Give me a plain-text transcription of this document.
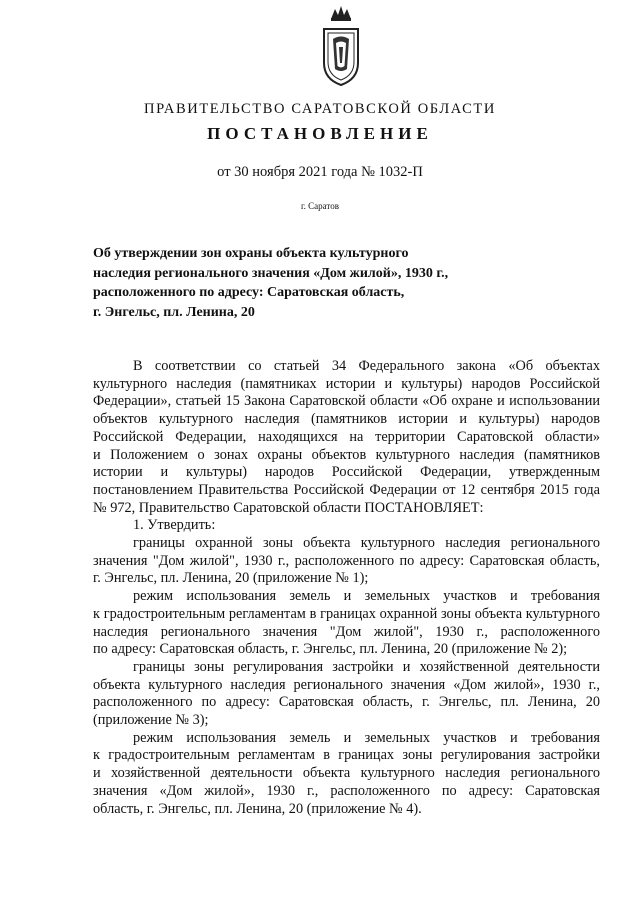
ПРАВИТЕЛЬСТВО САРАТОВСКОЙ ОБЛАСТИ
ПОСТАНОВЛЕНИЕ
от 30 ноября 2021 года № 1032-П
г. Саратов
Об утверждении зон охраны объекта культурного
наследия регионального значения «Дом жилой», 1930 г.,
расположенного по адресу: Саратовская область,
г. Энгельс, пл. Ленина, 20
В соответствии со статьей 34 Федерального закона «Об объектах
культурного наследия (памятниках истории и культуры) народов Российской
Федерации», статьей 15 Закона Саратовской области «Об охране и использовании
объектов культурного наследия (памятников истории и культуры) народов
Российской Федерации, находящихся на территории Саратовской области»
и Положением о зонах охраны объектов культурного наследия (памятников
истории и культуры) народов Российской Федерации, утвержденным
постановлением Правительства Российской Федерации от 12 сентября 2015 года
№ 972, Правительство Саратовской области ПОСТАНОВЛЯЕТ:
1. Утвердить:
границы охранной зоны объекта культурного наследия регионального
значения "Дом жилой", 1930 г., расположенного по адресу: Саратовская область,
г. Энгельс, пл. Ленина, 20 (приложение № 1);
режим использования земель и земельных участков и требования
к градостроительным регламентам в границах охранной зоны объекта культурного
наследия регионального значения "Дом жилой", 1930 г., расположенного
по адресу: Саратовская область, г. Энгельс, пл. Ленина, 20 (приложение № 2);
границы зоны регулирования застройки и хозяйственной деятельности
объекта культурного наследия регионального значения «Дом жилой», 1930 г.,
расположенного по адресу: Саратовская область, г. Энгельс, пл. Ленина, 20
(приложение № 3);
режим использования земель и земельных участков и требования
к градостроительным регламентам в границах зоны регулирования застройки
и хозяйственной деятельности объекта культурного наследия регионального
значения «Дом жилой», 1930 г., расположенного по адресу: Саратовская
область, г. Энгельс, пл. Ленина, 20 (приложение № 4).
